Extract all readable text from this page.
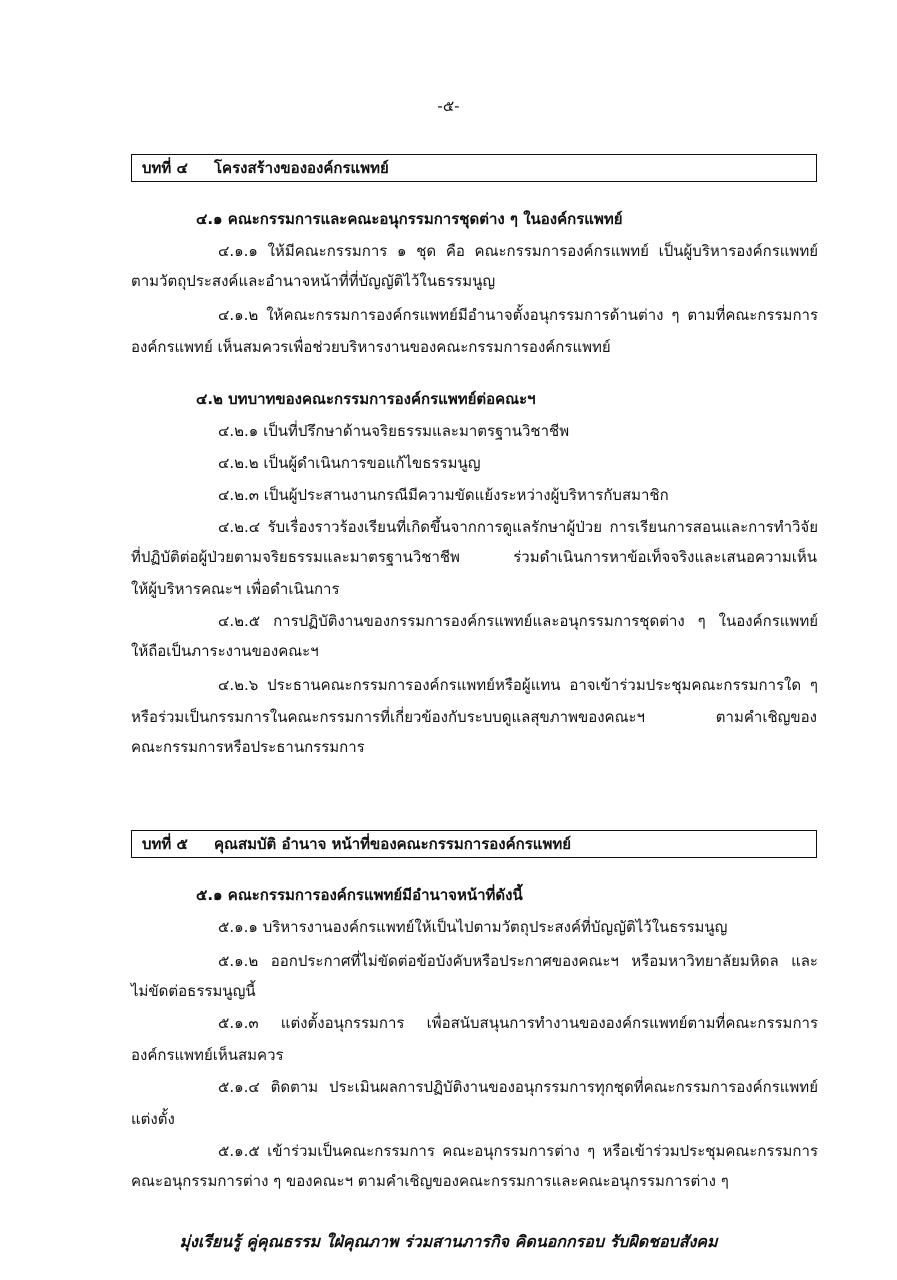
-๕-
บทที่ ๔ โครงสร้างขององค์กรแพทย์
๔.๑ คณะกรรมการและคณะอนุกรรมการชุดต่าง ๆ ในองค์กรแพทย์
๔.๑.๑ ให้มีคณะกรรมการ ๑ ชุด คือ คณะกรรมการองค์กรแพทย์ เป็นผู้บริหารองค์กรแพทย์
ตามวัตถุประสงค์และอำนาจหน้าที่ที่บัญญัติไว้ในธรรมนูญ
๔.๑.๒ ให้คณะกรรมการองค์กรแพทย์มีอำนาจตั้งอนุกรรมการด้านต่าง ๆ ตามที่คณะกรรมการ
องค์กรแพทย์ เห็นสมควรเพื่อช่วยบริหารงานของคณะกรรมการองค์กรแพทย์
๔.๒ บทบาทของคณะกรรมการองค์กรแพทย์ต่อคณะฯ
๔.๒.๑ เป็นที่ปรึกษาด้านจริยธรรมและมาตรฐานวิชาชีพ
๔.๒.๒ เป็นผู้ดำเนินการขอแก้ไขธรรมนูญ
๔.๒.๓ เป็นผู้ประสานงานกรณีมีความขัดแย้งระหว่างผู้บริหารกับสมาชิก
๔.๒.๔ รับเรื่องราวร้องเรียนที่เกิดขึ้นจากการดูแลรักษาผู้ป่วย การเรียนการสอนและการทำวิจัย
ที่ปฏิบัติต่อผู้ป่วยตามจริยธรรมและมาตรฐานวิชาชีพ ร่วมดำเนินการหาข้อเท็จจริงและเสนอความเห็น
ให้ผู้บริหารคณะฯ เพื่อดำเนินการ
๔.๒.๕ การปฏิบัติงานของกรรมการองค์กรแพทย์และอนุกรรมการชุดต่าง ๆ ในองค์กรแพทย์
ให้ถือเป็นภาระงานของคณะฯ
๔.๒.๖ ประธานคณะกรรมการองค์กรแพทย์หรือผู้แทน อาจเข้าร่วมประชุมคณะกรรมการใด ๆ
หรือร่วมเป็นกรรมการในคณะกรรมการที่เกี่ยวข้องกับระบบดูแลสุขภาพของคณะฯ ตามคำเชิญของ
คณะกรรมการหรือประธานกรรมการ
บทที่ ๕ คุณสมบัติ อำนาจ หน้าที่ของคณะกรรมการองค์กรแพทย์
๕.๑ คณะกรรมการองค์กรแพทย์มีอำนาจหน้าที่ดังนี้
๕.๑.๑ บริหารงานองค์กรแพทย์ให้เป็นไปตามวัตถุประสงค์ที่บัญญัติไว้ในธรรมนูญ
๕.๑.๒ ออกประกาศที่ไม่ขัดต่อข้อบังคับหรือประกาศของคณะฯ หรือมหาวิทยาลัยมหิดล และ
ไม่ขัดต่อธรรมนูญนี้
๕.๑.๓ แต่งตั้งอนุกรรมการ เพื่อสนับสนุนการทำงานขององค์กรแพทย์ตามที่คณะกรรมการ
องค์กรแพทย์เห็นสมควร
๕.๑.๔ ติดตาม ประเมินผลการปฏิบัติงานของอนุกรรมการทุกชุดที่คณะกรรมการองค์กรแพทย์
แต่งตั้ง
๕.๑.๕ เข้าร่วมเป็นคณะกรรมการ คณะอนุกรรมการต่าง ๆ หรือเข้าร่วมประชุมคณะกรรมการ
คณะอนุกรรมการต่าง ๆ ของคณะฯ ตามคำเชิญของคณะกรรมการและคณะอนุกรรมการต่าง ๆ
มุ่งเรียนรู้ คู่คุณธรรม ใฝ่คุณภาพ ร่วมสานภารกิจ คิดนอกกรอบ รับผิดชอบสังคม
